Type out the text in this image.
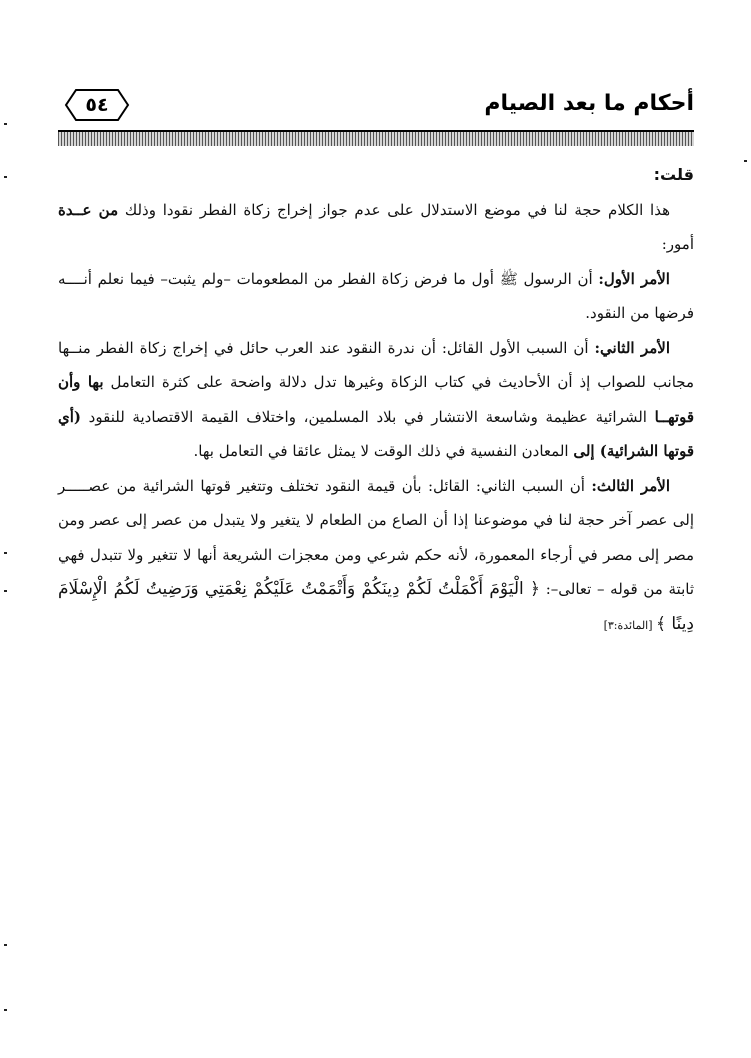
أحكام ما بعد الصيام
٥٤

قلت:

هذا الكلام حجة لنا في موضع الاستدلال على عدم جواز إخراج زكاة الفطر نقودا وذلك من عــدة أمور:

الأمر الأول: أن الرسول ﷺ أول ما فرض زكاة الفطر من المطعومات –ولم يثبت– فيما نعلم أنــــه فرضها من النقود.

الأمر الثاني: أن السبب الأول القائل: أن ندرة النقود عند العرب حائل في إخراج زكاة الفطر منــها مجانب للصواب إذ أن الأحاديث في كتاب الزكاة وغيرها تدل دلالة واضحة على كثرة التعامل بها وأن قوتهــا الشرائية عظيمة وشاسعة الانتشار في بلاد المسلمين، واختلاف القيمة الاقتصادية للنقود (أي قوتها الشرائية) إلى المعادن النفسية في ذلك الوقت لا يمثل عائقا في التعامل بها.

الأمر الثالث: أن السبب الثاني: القائل: بأن قيمة النقود تختلف وتتغير قوتها الشرائية من عصـــــر إلى عصر آخر حجة لنا في موضوعنا إذا أن الصاع من الطعام لا يتغير ولا يتبدل من عصر إلى عصر ومن مصر إلى مصر في أرجاء المعمورة، لأنه حكم شرعي ومن معجزات الشريعة أنها لا تتغير ولا تتبدل فهي ثابتة من قوله – تعالى–: ﴿ الْيَوْمَ أَكْمَلْتُ لَكُمْ دِينَكُمْ وَأَتْمَمْتُ عَلَيْكُمْ نِعْمَتِي وَرَضِيتُ لَكُمُ الْإِسْلَامَ دِينًا ﴾ [المائدة:٣]
